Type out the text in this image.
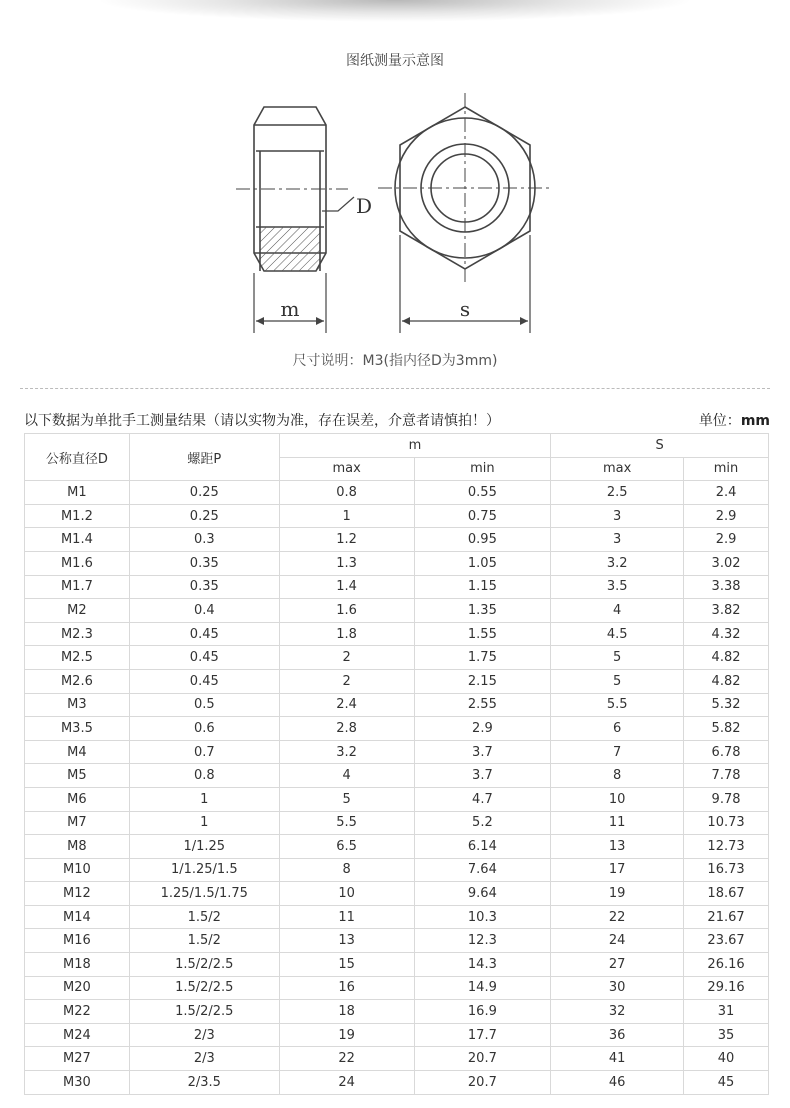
图纸测量示意图
D
m	s
尺寸说明：M3(指内径D为3mm)
以下数据为单批手工测量结果（请以实物为准，存在误差，介意者请慎拍！）	单位：mm
公称直径D	螺距P	m		S	
		max	min	max	min
M1	0.25	0.8	0.55	2.5	2.4
M1.2	0.25	1	0.75	3	2.9
M1.4	0.3	1.2	0.95	3	2.9
M1.6	0.35	1.3	1.05	3.2	3.02
M1.7	0.35	1.4	1.15	3.5	3.38
M2	0.4	1.6	1.35	4	3.82
M2.3	0.45	1.8	1.55	4.5	4.32
M2.5	0.45	2	1.75	5	4.82
M2.6	0.45	2	2.15	5	4.82
M3	0.5	2.4	2.55	5.5	5.32
M3.5	0.6	2.8	2.9	6	5.82
M4	0.7	3.2	3.7	7	6.78
M5	0.8	4	3.7	8	7.78
M6	1	5	4.7	10	9.78
M7	1	5.5	5.2	11	10.73
M8	1/1.25	6.5	6.14	13	12.73
M10	1/1.25/1.5	8	7.64	17	16.73
M12	1.25/1.5/1.75	10	9.64	19	18.67
M14	1.5/2	11	10.3	22	21.67
M16	1.5/2	13	12.3	24	23.67
M18	1.5/2/2.5	15	14.3	27	26.16
M20	1.5/2/2.5	16	14.9	30	29.16
M22	1.5/2/2.5	18	16.9	32	31
M24	2/3	19	17.7	36	35
M27	2/3	22	20.7	41	40
M30	2/3.5	24	20.7	46	45
